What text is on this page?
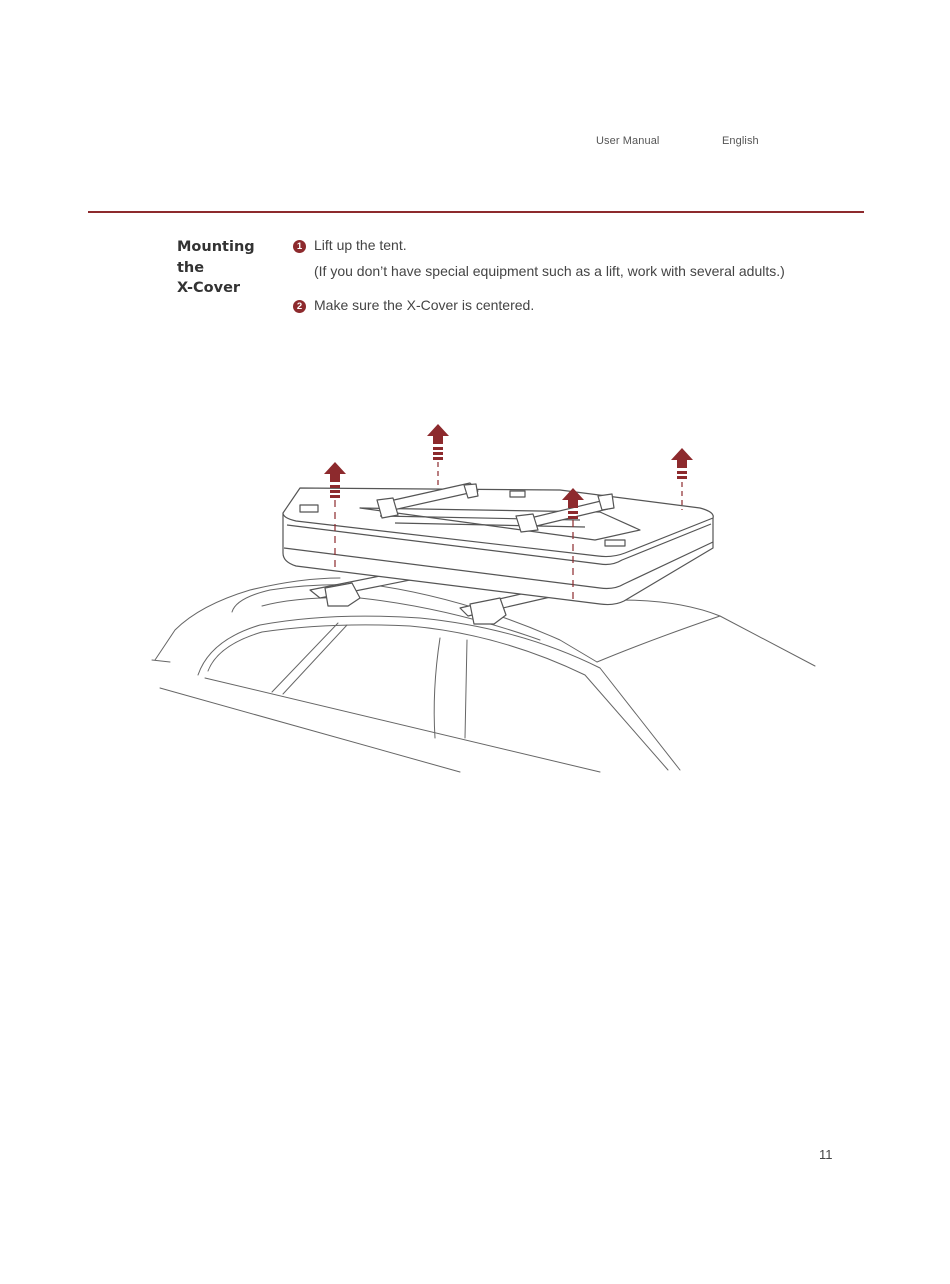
User Manual	English
Mounting
the
X-Cover
1 Lift up the tent.
(If you don’t have special equipment such as a lift, work with several adults.)
2 Make sure the X-Cover is centered.
11
